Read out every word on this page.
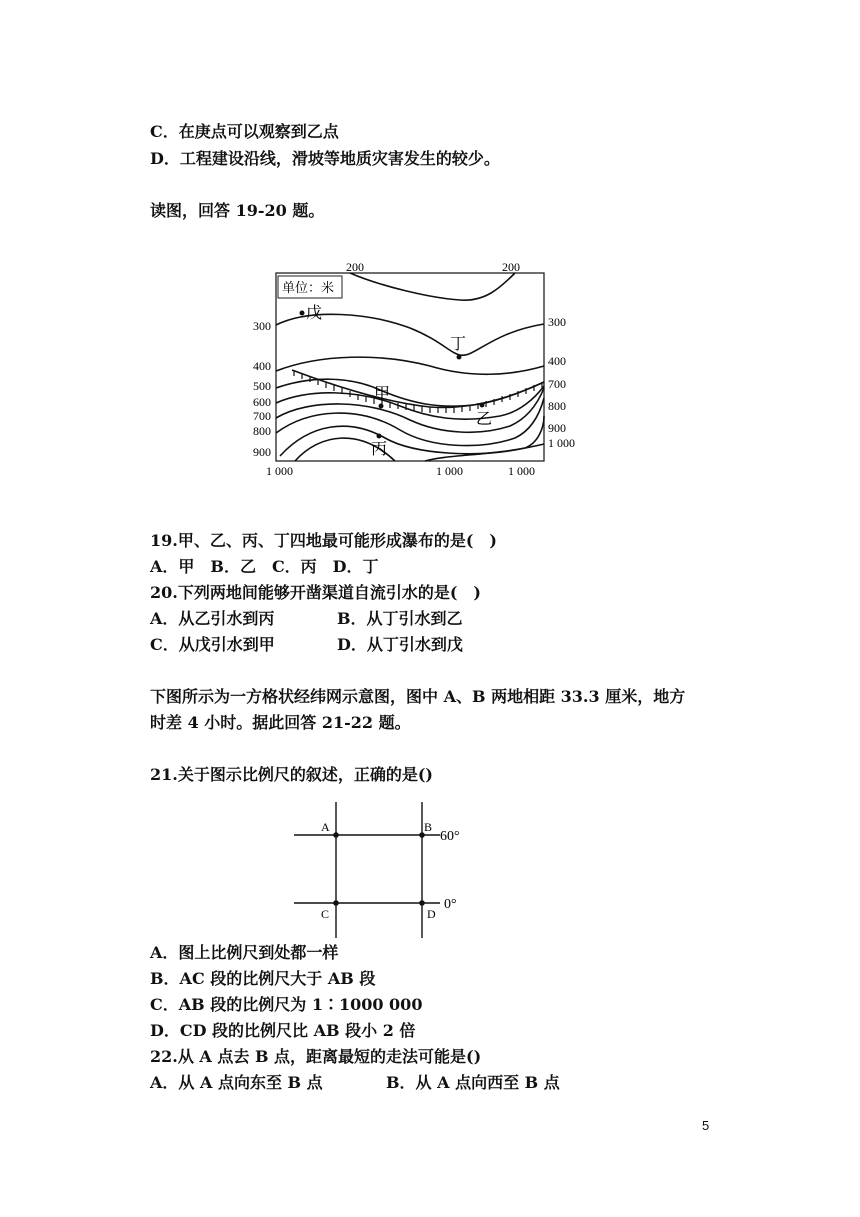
C．在庚点可以观察到乙点
D．工程建设沿线，滑坡等地质灾害发生的较少。
读图，回答 19-20 题。
单位：米
200	200
300
400
500
600
700
800
900
300
400
700
800
900
1 000
1 000	1 000	1 000
戊
丁
甲
乙
丙
19.甲、乙、丙、丁四地最可能形成瀑布的是(　)
A．甲　B．乙　C．丙　D．丁
20.下列两地间能够开凿渠道自流引水的是(　)
A．从乙引水到丙	B．从丁引水到乙
C．从戊引水到甲	D．从丁引水到戊
下图所示为一方格状经纬网示意图，图中 A、B 两地相距 33.3 厘米，地方
时差 4 小时。据此回答 21-22 题。
21.关于图示比例尺的叙述，正确的是()
A	B
C	D
60°
0°
A．图上比例尺到处都一样
B．AC 段的比例尺大于 AB 段
C．AB 段的比例尺为 1∶1000 000
D．CD 段的比例尺比 AB 段小 2 倍
22.从 A 点去 B 点，距离最短的走法可能是()
A．从 A 点向东至 B 点	B．从 A 点向西至 B 点
5
